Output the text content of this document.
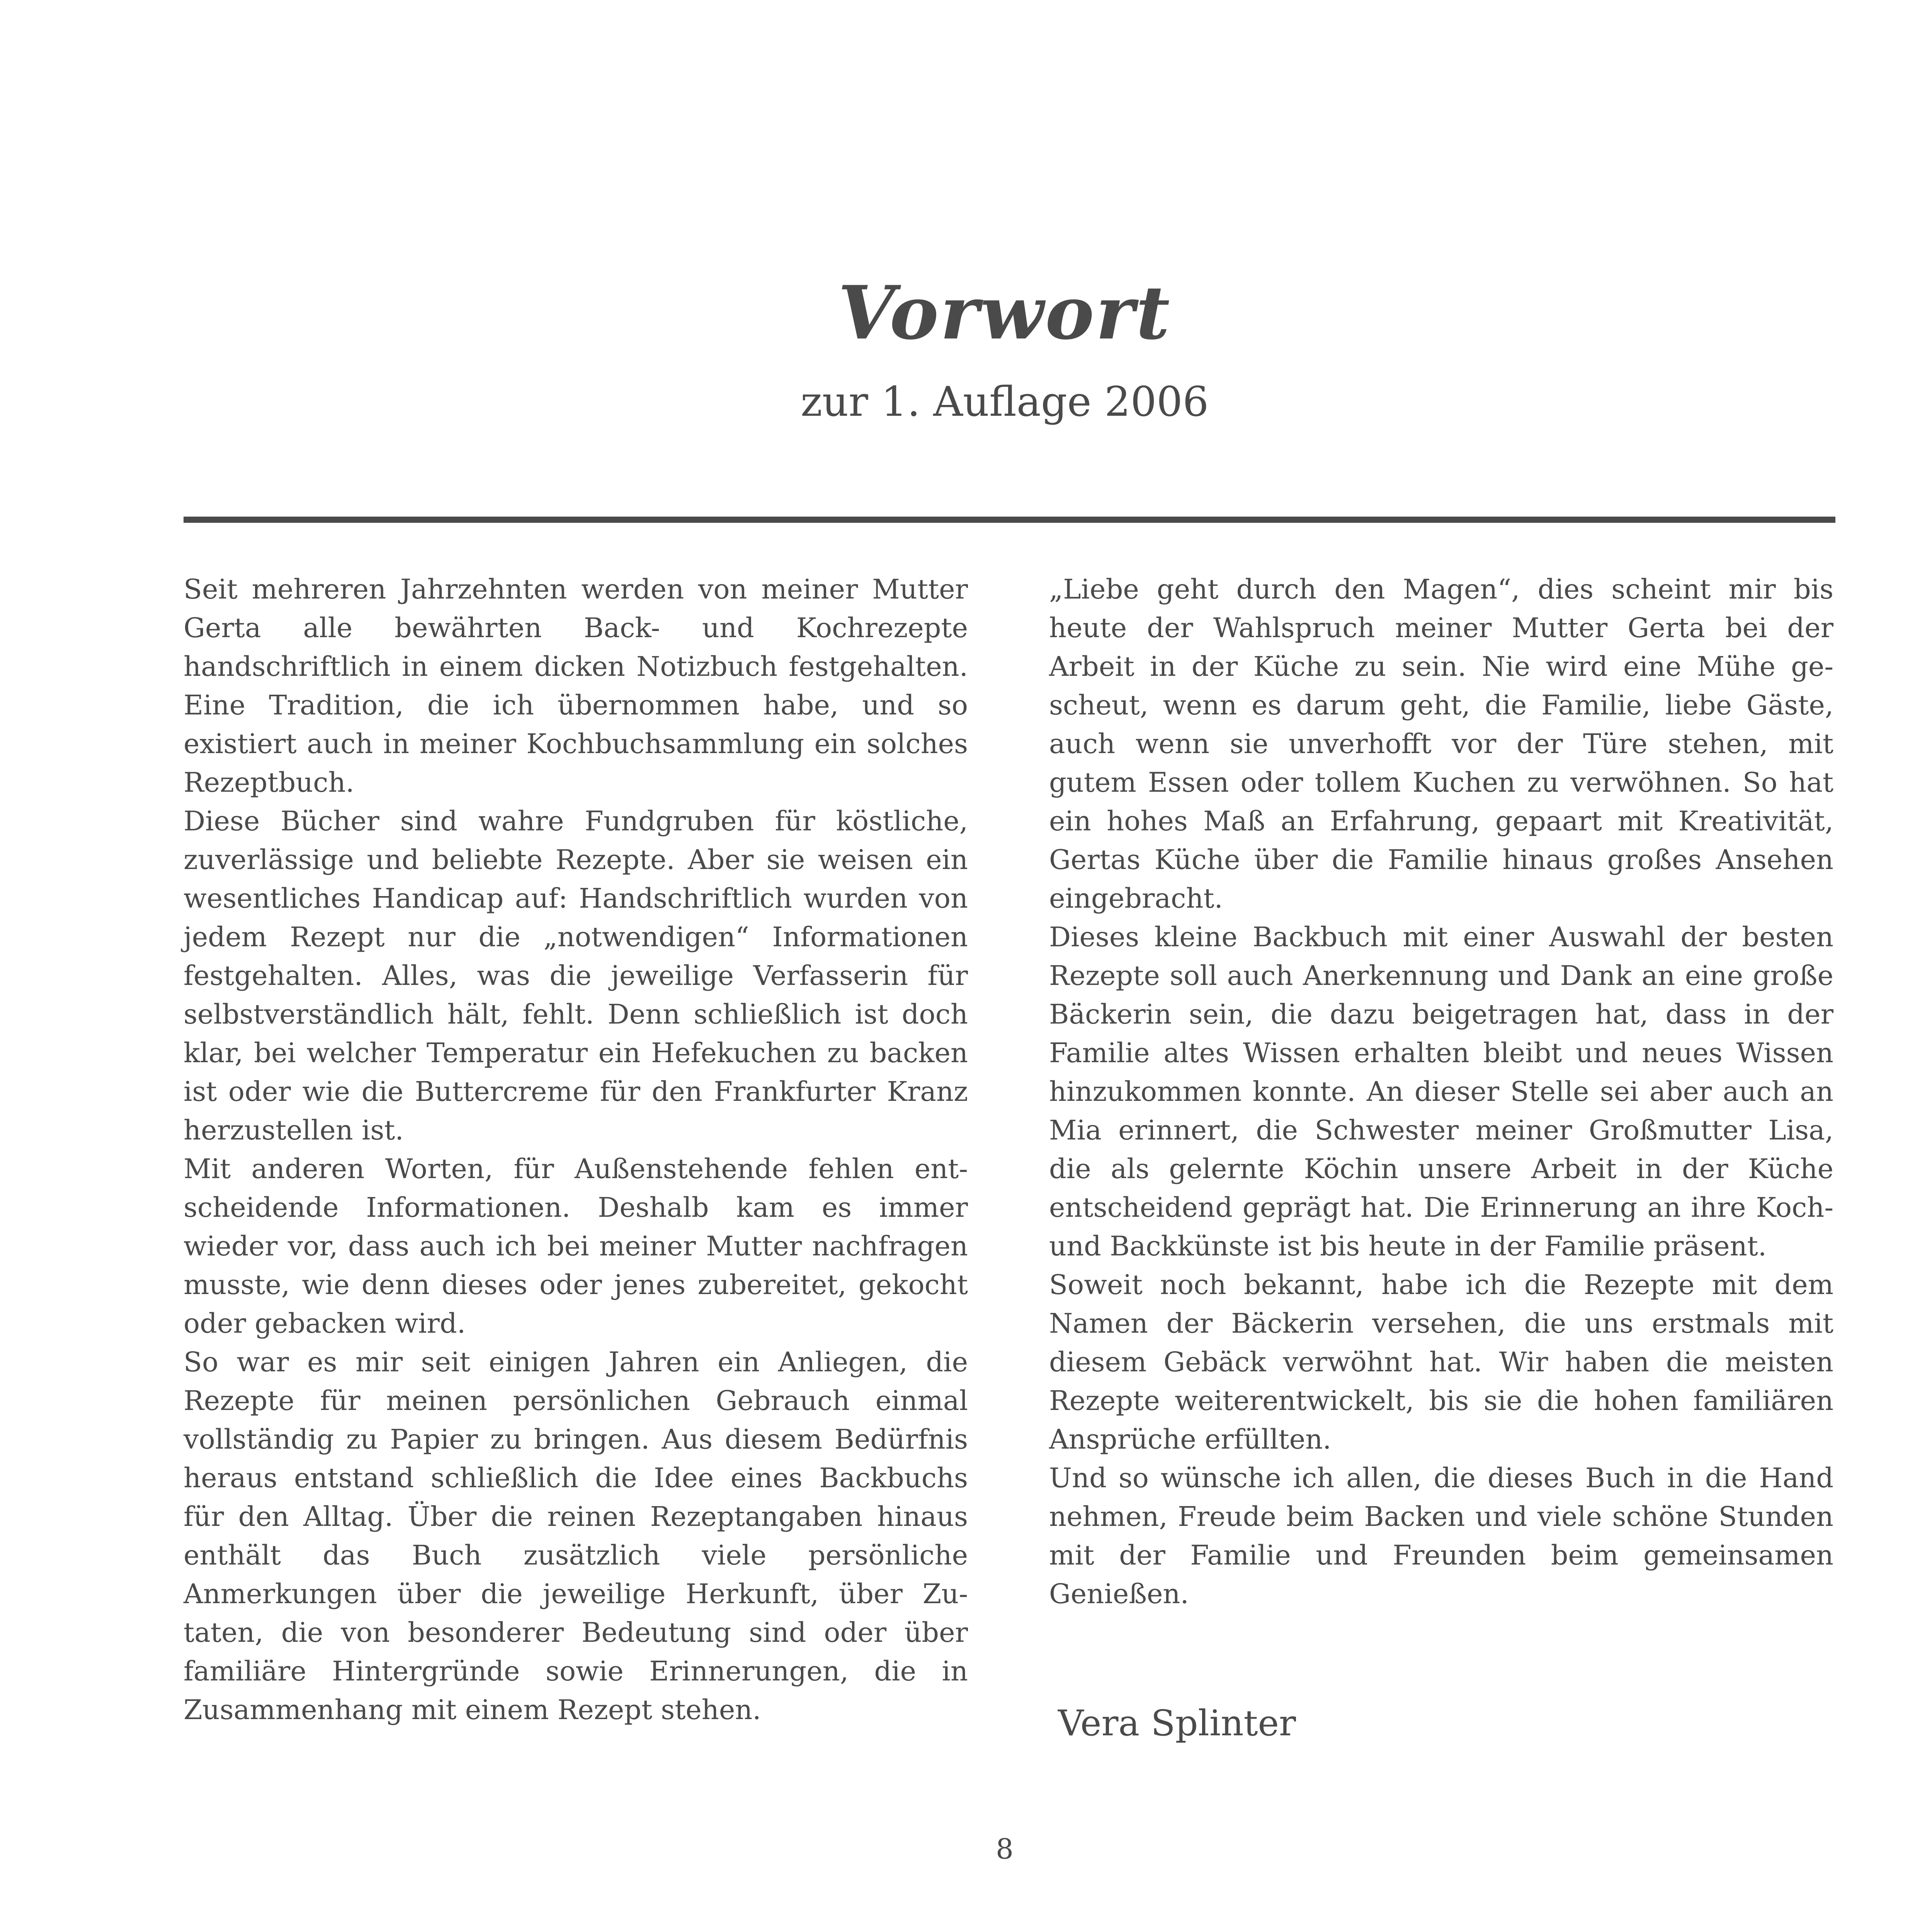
Vorwort
zur 1. Auflage 2006

Seit mehreren Jahrzehnten werden von meiner Mutter Gerta alle bewährten Back- und Kochrezepte handschriftlich in einem dicken Notizbuch festgehalten. Eine Tradition, die ich übernommen habe, und so existiert auch in meiner Kochbuchsammlung ein solches Rezeptbuch.

Diese Bücher sind wahre Fundgruben für köstliche, zuverlässige und beliebte Rezepte. Aber sie weisen ein wesentliches Handicap auf: Handschriftlich wurden von jedem Rezept nur die „notwendigen“ Informationen festgehalten. Alles, was die jeweilige Verfasserin für selbstverständlich hält, fehlt. Denn schließlich ist doch klar, bei welcher Temperatur ein Hefekuchen zu backen ist oder wie die Buttercreme für den Frankfurter Kranz herzustellen ist.

Mit anderen Worten, für Außenstehende fehlen entscheidende Informationen. Deshalb kam es immer wieder vor, dass auch ich bei meiner Mutter nachfragen musste, wie denn dieses oder jenes zubereitet, gekocht oder gebacken wird.

So war es mir seit einigen Jahren ein Anliegen, die Rezepte für meinen persönlichen Gebrauch einmal vollständig zu Papier zu bringen. Aus diesem Bedürfnis heraus entstand schließlich die Idee eines Backbuchs für den Alltag. Über die reinen Rezeptangaben hinaus enthält das Buch zusätzlich viele persönliche Anmerkungen über die jeweilige Herkunft, über Zutaten, die von besonderer Bedeutung sind oder über familiäre Hintergründe sowie Erinnerungen, die in Zusammenhang mit einem Rezept stehen.

„Liebe geht durch den Magen“, dies scheint mir bis heute der Wahlspruch meiner Mutter Gerta bei der Arbeit in der Küche zu sein. Nie wird eine Mühe gescheut, wenn es darum geht, die Familie, liebe Gäste, auch wenn sie unverhofft vor der Türe stehen, mit gutem Essen oder tollem Kuchen zu verwöhnen. So hat ein hohes Maß an Erfahrung, gepaart mit Kreativität, Gertas Küche über die Familie hinaus großes Ansehen eingebracht.

Dieses kleine Backbuch mit einer Auswahl der besten Rezepte soll auch Anerkennung und Dank an eine große Bäckerin sein, die dazu beigetragen hat, dass in der Familie altes Wissen erhalten bleibt und neues Wissen hinzukommen konnte. An dieser Stelle sei aber auch an Mia erinnert, die Schwester meiner Großmutter Lisa, die als gelernte Köchin unsere Arbeit in der Küche entscheidend geprägt hat. Die Erinnerung an ihre Koch- und Backkünste ist bis heute in der Familie präsent.

Soweit noch bekannt, habe ich die Rezepte mit dem Namen der Bäckerin versehen, die uns erstmals mit diesem Gebäck verwöhnt hat. Wir haben die meisten Rezepte weiterentwickelt, bis sie die hohen familiären Ansprüche erfüllten.

Und so wünsche ich allen, die dieses Buch in die Hand nehmen, Freude beim Backen und viele schöne Stunden mit der Familie und Freunden beim gemeinsamen Genießen.

Vera Splinter
8
